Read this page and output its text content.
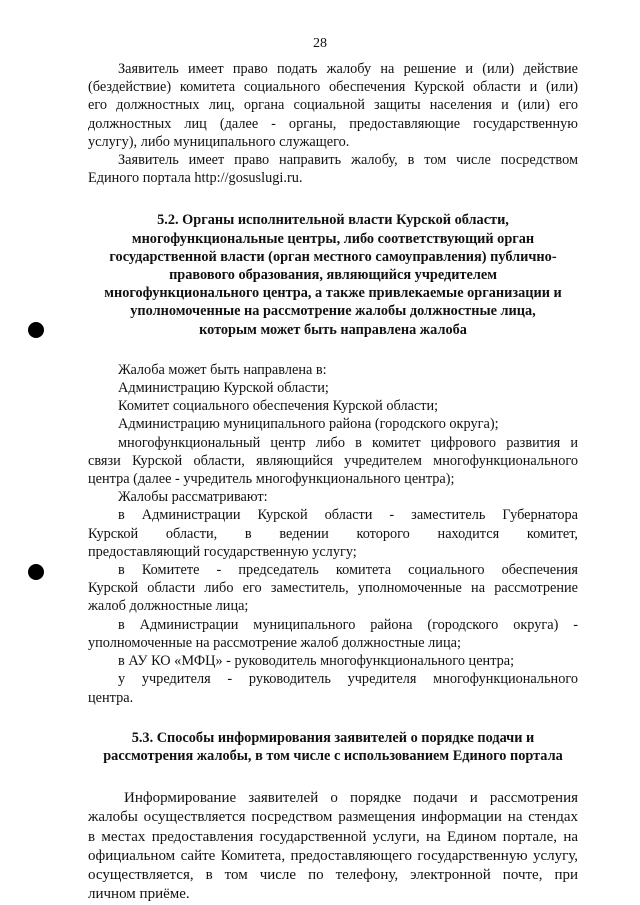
28

Заявитель имеет право подать жалобу на решение и (или) действие
(бездействие) комитета социального обеспечения Курской области и (или)
его должностных лиц, органа социальной защиты населения и (или) его
должностных лиц (далее - органы, предоставляющие государственную
услугу), либо муниципального служащего.

Заявитель имеет право направить жалобу, в том числе посредством
Единого портала http://gosuslugi.ru.

5.2. Органы исполнительной власти Курской области,
многофункциональные центры, либо соответствующий орган
государственной власти (орган местного самоуправления) публично-
правового образования, являющийся учредителем
многофункционального центра, а также привлекаемые организации и
уполномоченные на рассмотрение жалобы должностные лица,
которым может быть направлена жалоба
Жалоба может быть направлена в:
Администрацию Курской области;
Комитет социального обеспечения Курской области;
Администрацию муниципального района (городского округа);

многофункциональный центр либо в комитет цифрового развития и
связи Курской области, являющийся учредителем многофункционального
центра (далее - учредитель многофункционального центра);

Жалобы рассматривают:

в Администрации Курской области - заместитель Губернатора
Курской области, в ведении которого находится комитет,
предоставляющий государственную услугу;

в Комитете - председатель комитета социального обеспечения
Курской области либо его заместитель, уполномоченные на рассмотрение
жалоб должностные лица;

в Администрации муниципального района (городского округа) -
уполномоченные на рассмотрение жалоб должностные лица;

в АУ КО «МФЦ» - руководитель многофункционального центра;

у учредителя - руководитель учредителя многофункционального
центра.

5.3. Способы информирования заявителей о порядке подачи и
рассмотрения жалобы, в том числе с использованием Единого портала

Информирование заявителей о порядке подачи и рассмотрения
жалобы осуществляется посредством размещения информации на стендах
в местах предоставления государственной услуги, на Едином портале, на
официальном сайте Комитета, предоставляющего государственную услугу,
осуществляется, в том числе по телефону, электронной почте, при
личном приёме.
